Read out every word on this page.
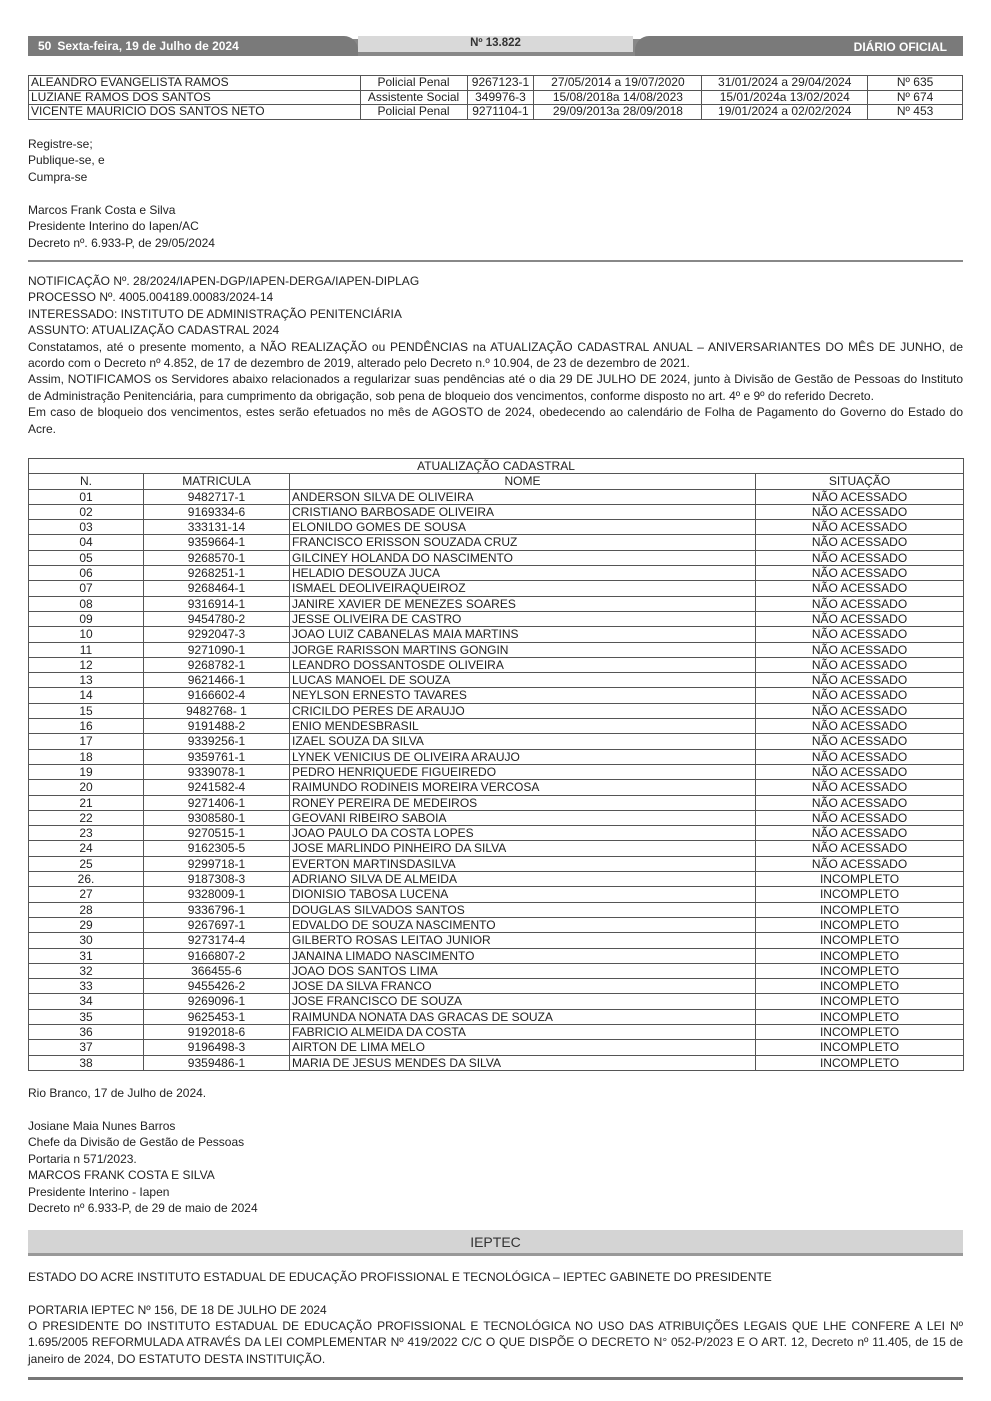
50 Sexta-feira, 19 de Julho de 2024	Nº 13.822	DIÁRIO OFICIAL
ALEANDRO EVANGELISTA RAMOS	Policial Penal	9267123-1	27/05/2014 a 19/07/2020	31/01/2024 a 29/04/2024	Nº 635
LUZIANE RAMOS DOS SANTOS	Assistente Social	349976-3	15/08/2018a 14/08/2023	15/01/2024a 13/02/2024	Nº 674
VICENTE MAURICIO DOS SANTOS NETO	Policial Penal	9271104-1	29/09/2013a 28/09/2018	19/01/2024 a 02/02/2024	Nº 453
Registre-se;
Publique-se, e
Cumpra-se
Marcos Frank Costa e Silva
Presidente Interino do Iapen/AC
Decreto nº. 6.933-P, de 29/05/2024

NOTIFICAÇÃO Nº. 28/2024/IAPEN-DGP/IAPEN-DERGA/IAPEN-DIPLAG

PROCESSO Nº. 4005.004189.00083/2024-14

INTERESSADO: INSTITUTO DE ADMINISTRAÇÃO PENITENCIÁRIA

ASSUNTO: ATUALIZAÇÃO CADASTRAL 2024

Constatamos, até o presente momento, a NÃO REALIZAÇÃO ou PENDÊNCIAS na ATUALIZAÇÃO CADASTRAL ANUAL – ANIVERSARIANTES DO MÊS DE JUNHO, de acordo com o Decreto nº 4.852, de 17 de dezembro de 2019, alterado pelo Decreto n.º 10.904, de 23 de dezembro de 2021.

Assim, NOTIFICAMOS os Servidores abaixo relacionados a regularizar suas pendências até o dia 29 DE JULHO DE 2024, junto à Divisão de Gestão de Pessoas do Instituto de Administração Penitenciária, para cumprimento da obrigação, sob pena de bloqueio dos vencimentos, conforme disposto no art. 4º e 9º do referido Decreto.

Em caso de bloqueio dos vencimentos, estes serão efetuados no mês de AGOSTO de 2024, obedecendo ao calendário de Folha de Pagamento do Governo do Estado do Acre.

ATUALIZAÇÃO CADASTRAL			
N.	MATRICULA	NOME	SITUAÇÃO
01	9482717-1	ANDERSON SILVA DE OLIVEIRA	NÃO ACESSADO
02	9169334-6	CRISTIANO BARBOSADE OLIVEIRA	NÃO ACESSADO
03	333131-14	ELONILDO GOMES DE SOUSA	NÃO ACESSADO
04	9359664-1	FRANCISCO ERISSON SOUZADA CRUZ	NÃO ACESSADO
05	9268570-1	GILCINEY HOLANDA DO NASCIMENTO	NÃO ACESSADO
06	9268251-1	HELADIO DESOUZA JUCA	NÃO ACESSADO
07	9268464-1	ISMAEL DEOLIVEIRAQUEIROZ	NÃO ACESSADO
08	9316914-1	JANIRE XAVIER DE MENEZES SOARES	NÃO ACESSADO
09	9454780-2	JESSE OLIVEIRA DE CASTRO	NÃO ACESSADO
10	9292047-3	JOAO LUIZ CABANELAS MAIA MARTINS	NÃO ACESSADO
11	9271090-1	JORGE RARISSON MARTINS GONGIN	NÃO ACESSADO
12	9268782-1	LEANDRO DOSSANTOSDE OLIVEIRA	NÃO ACESSADO
13	9621466-1	LUCAS MANOEL DE SOUZA	NÃO ACESSADO
14	9166602-4	NEYLSON ERNESTO TAVARES	NÃO ACESSADO
15	9482768- 1	CRICILDO PERES DE ARAUJO	NÃO ACESSADO
16	9191488-2	ENIO MENDESBRASIL	NÃO ACESSADO
17	9339256-1	IZAEL SOUZA DA SILVA	NÃO ACESSADO
18	9359761-1	LYNEK VENICIUS DE OLIVEIRA ARAUJO	NÃO ACESSADO
19	9339078-1	PEDRO HENRIQUEDE FIGUEIREDO	NÃO ACESSADO
20	9241582-4	RAIMUNDO RODINEIS MOREIRA VERCOSA	NÃO ACESSADO
21	9271406-1	RONEY PEREIRA DE MEDEIROS	NÃO ACESSADO
22	9308580-1	GEOVANI RIBEIRO SABOIA	NÃO ACESSADO
23	9270515-1	JOAO PAULO DA COSTA LOPES	NÃO ACESSADO
24	9162305-5	JOSE MARLINDO PINHEIRO DA SILVA	NÃO ACESSADO
25	9299718-1	EVERTON MARTINSDASILVA	NÃO ACESSADO
26.	9187308-3	ADRIANO SILVA DE ALMEIDA	INCOMPLETO
27	9328009-1	DIONISIO TABOSA LUCENA	INCOMPLETO
28	9336796-1	DOUGLAS SILVADOS SANTOS	INCOMPLETO
29	9267697-1	EDVALDO DE SOUZA NASCIMENTO	INCOMPLETO
30	9273174-4	GILBERTO ROSAS LEITAO JUNIOR	INCOMPLETO
31	9166807-2	JANAINA LIMADO NASCIMENTO	INCOMPLETO
32	366455-6	JOAO DOS SANTOS LIMA	INCOMPLETO
33	9455426-2	JOSE DA SILVA FRANCO	INCOMPLETO
34	9269096-1	JOSE FRANCISCO DE SOUZA	INCOMPLETO
35	9625453-1	RAIMUNDA NONATA DAS GRACAS DE SOUZA	INCOMPLETO
36	9192018-6	FABRICIO ALMEIDA DA COSTA	INCOMPLETO
37	9196498-3	AIRTON DE LIMA MELO	INCOMPLETO
38	9359486-1	MARIA DE JESUS MENDES DA SILVA	INCOMPLETO
Rio Branco, 17 de Julho de 2024.
Josiane Maia Nunes Barros
Chefe da Divisão de Gestão de Pessoas
Portaria n 571/2023.
MARCOS FRANK COSTA E SILVA
Presidente Interino - Iapen
Decreto nº 6.933-P, de 29 de maio de 2024
IEPTEC
ESTADO DO ACRE INSTITUTO ESTADUAL DE EDUCAÇÃO PROFISSIONAL E TECNOLÓGICA – IEPTEC GABINETE DO PRESIDENTE
PORTARIA IEPTEC Nº 156, DE 18 DE JULHO DE 2024
O PRESIDENTE DO INSTITUTO ESTADUAL DE EDUCAÇÃO PROFISSIONAL E TECNOLÓGICA NO USO DAS ATRIBUIÇÕES LEGAIS QUE LHE CONFERE A LEI Nº 1.695/2005 REFORMULADA ATRAVÉS DA LEI COMPLEMENTAR Nº 419/2022 C/C O QUE DISPÕE O DECRETO N° 052-P/2023 E O ART. 12, Decreto nº 11.405, de 15 de janeiro de 2024, DO ESTATUTO DESTA INSTITUIÇÃO.
